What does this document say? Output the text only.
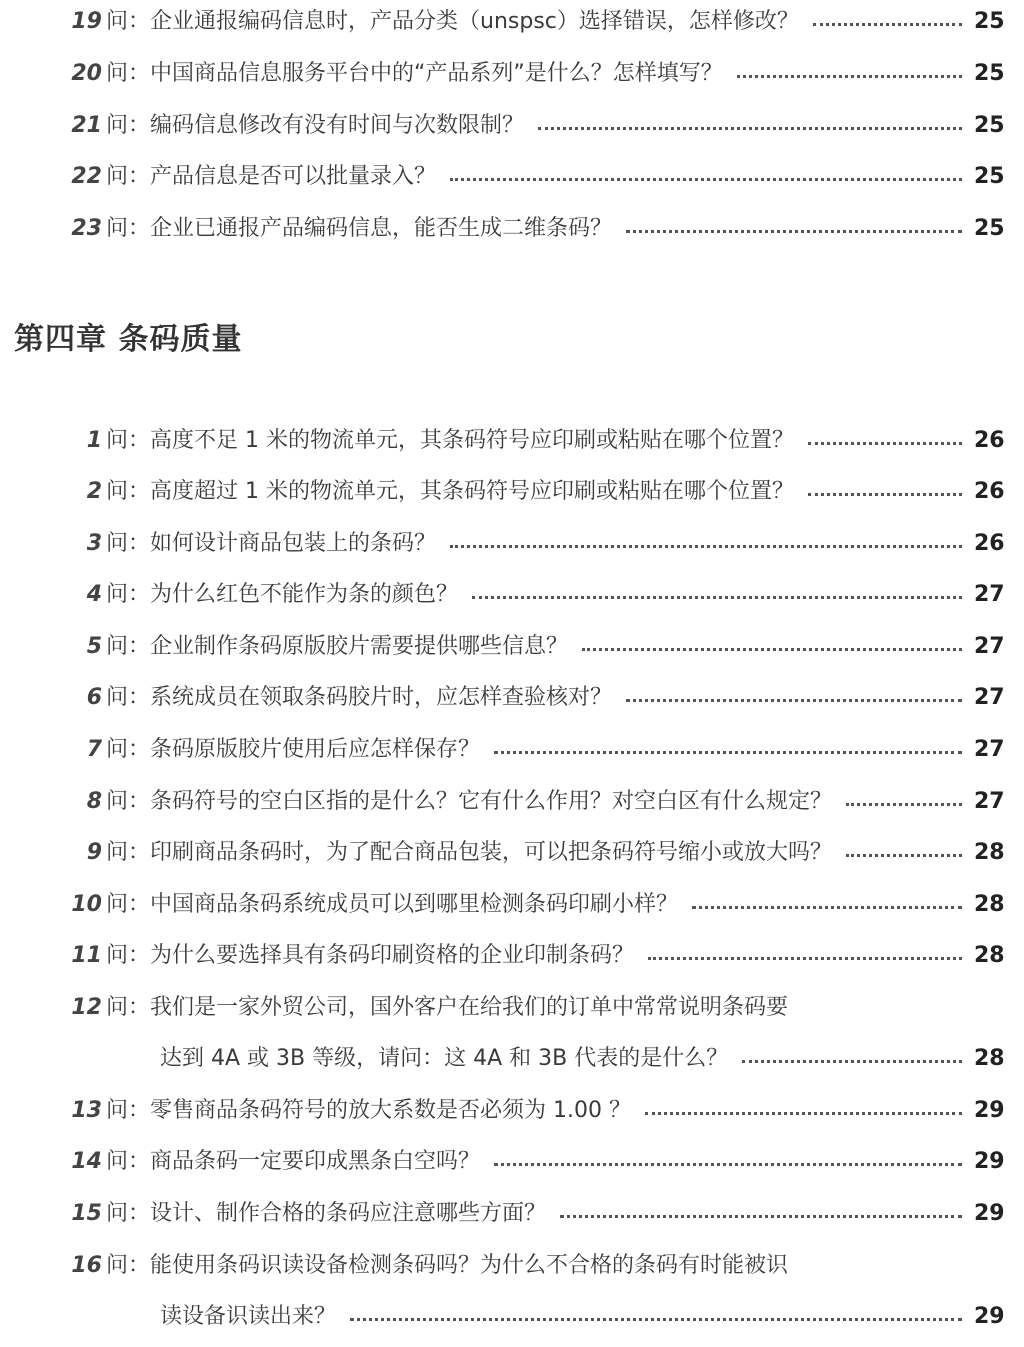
19 问 ： 企业通报编码信息时，产品分类（unspsc）选择错误，怎样修改？	25
20 问 ： 中国商品信息服务平台中的“产品系列”是什么？怎样填写？	25
21 问 ： 编码信息修改有没有时间与次数限制？	25
22 问 ： 产品信息是否可以批量录入？	25
23 问 ： 企业已通报产品编码信息，能否生成二维条码？	25
第四章 条码质量
1 问 ： 高度不足 1 米的物流单元，其条码符号应印刷或粘贴在哪个位置？	26
2 问 ： 高度超过 1 米的物流单元，其条码符号应印刷或粘贴在哪个位置？	26
3 问 ： 如何设计商品包装上的条码？	26
4 问 ： 为什么红色不能作为条的颜色？	27
5 问 ： 企业制作条码原版胶片需要提供哪些信息？	27
6 问 ： 系统成员在领取条码胶片时，应怎样查验核对？	27
7 问 ： 条码原版胶片使用后应怎样保存？	27
8 问 ： 条码符号的空白区指的是什么？它有什么作用？对空白区有什么规定？	27
9 问 ： 印刷商品条码时，为了配合商品包装，可以把条码符号缩小或放大吗？	28
10 问 ： 中国商品条码系统成员可以到哪里检测条码印刷小样？	28
11 问 ： 为什么要选择具有条码印刷资格的企业印制条码？	28
12 问 ： 我们是一家外贸公司，国外客户在给我们的订单中常常说明条码要
达到 4A 或 3B 等级，请问：这 4A 和 3B 代表的是什么？	28
13 问 ： 零售商品条码符号的放大系数是否必须为 1.00 ？	29
14 问 ： 商品条码一定要印成黑条白空吗？	29
15 问 ： 设计、制作合格的条码应注意哪些方面？	29
16 问 ： 能使用条码识读设备检测条码吗？为什么不合格的条码有时能被识
读设备识读出来？	29
